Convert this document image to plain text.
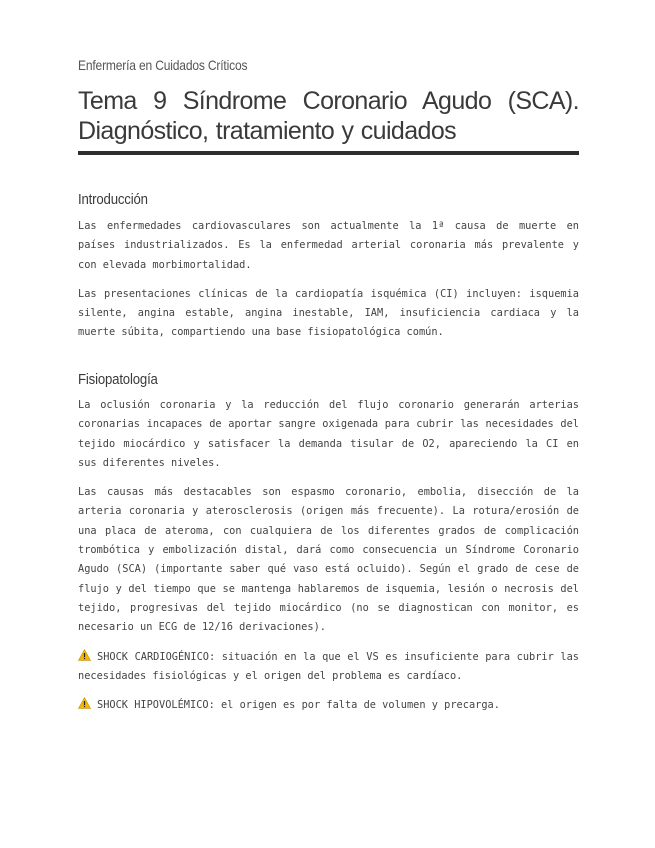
Enfermería en Cuidados Críticos
Tema 9 Síndrome Coronario Agudo (SCA).
Diagnóstico, tratamiento y cuidados
Introducción

Las enfermedades cardiovasculares son actualmente la 1ª causa de muerte en países industrializados. Es la enfermedad arterial coronaria más prevalente y con elevada morbimortalidad.

Las presentaciones clínicas de la cardiopatía isquémica (CI) incluyen: isquemia silente, angina estable, angina inestable, IAM, insuficiencia cardiaca y la muerte súbita, compartiendo una base fisiopatológica común.

Fisiopatología

La oclusión coronaria y la reducción del flujo coronario generarán arterias coronarias incapaces de aportar sangre oxigenada para cubrir las necesidades del tejido miocárdico y satisfacer la demanda tisular de O2, apareciendo la CI en sus diferentes niveles.

Las causas más destacables son espasmo coronario, embolia, disección de la arteria coronaria y aterosclerosis (origen más frecuente). La rotura/erosión de una placa de ateroma, con cualquiera de los diferentes grados de complicación trombótica y embolización distal, dará como consecuencia un Síndrome Coronario Agudo (SCA) (importante saber qué vaso está ocluido). Según el grado de cese de flujo y del tiempo que se mantenga hablaremos de isquemia, lesión o necrosis del tejido, progresivas del tejido miocárdico (no se diagnostican con monitor, es necesario un ECG de 12/16 derivaciones).

SHOCK CARDIOGÉNICO: situación en la que el VS es insuficiente para cubrir las necesidades fisiológicas y el origen del problema es cardíaco.

SHOCK HIPOVOLÉMICO: el origen es por falta de volumen y precarga.
